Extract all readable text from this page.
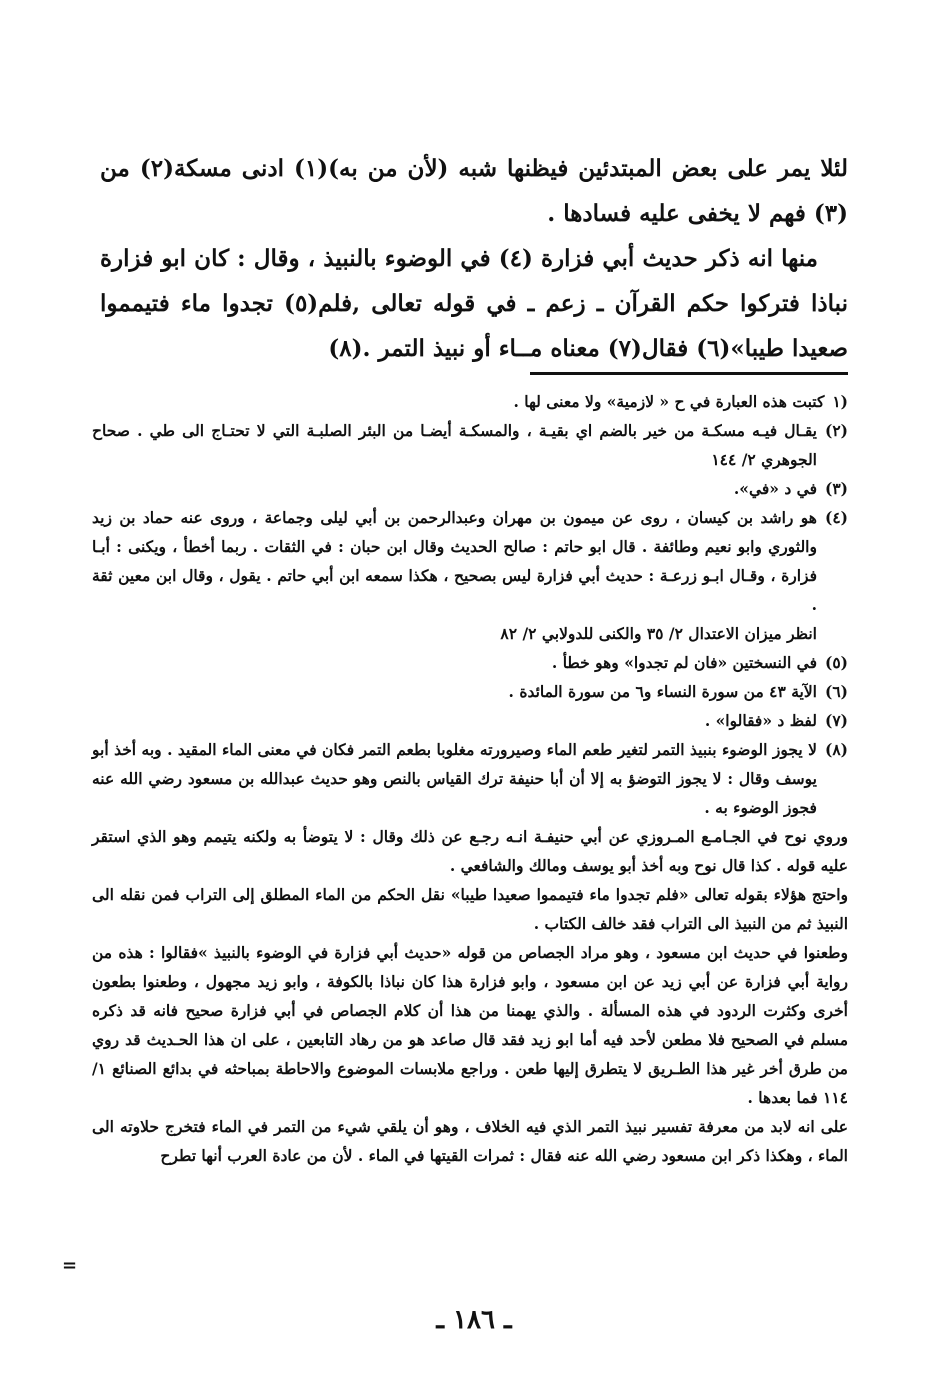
لئلا يمر على بعض المبتدئين فيظنها شبه (لأن من به)(١) ادنى مسكة(٢) من (٣) فهم لا يخفى عليه فسادها .

منها انه ذكر حديث أبي فزارة (٤) في الوضوء بالنبيذ ، وقال : كان ابو فزارة نباذا فتركوا حكم القرآن ـ زعم ـ في قوله تعالى ,فلم(٥) تجدوا ماء فتيمموا صعيدا طيبا»(٦) فقال(٧) معناه مــاء أو نبيذ التمر .(٨)

(١

كتبت هذه العبارة في ح « لازمية» ولا معنى لها .

(٢)

يقـال فيـه مسكـة من خير بالضم اي بقيـة ، والمسكـة أيضـا من البئر الصلبـة التي لا تحتـاج الى طي . صحاح الجوهري ٢/ ١٤٤

(٣)

في د «في».

(٤)

هو راشد بن كيسان ، روى عن ميمون بن مهران وعبدالرحمن بن أبي ليلى وجماعة ، وروى عنه حماد بن زيد والثوري وابو نعيم وطائفة . قال ابو حاتم : صالح الحديث وقال ابن حبان : في الثقات . ربما أخطأ ، ويكنى : أبـا فزارة ، وقـال ابـو زرعـة : حديث أبي فزارة ليس بصحيح ، هكذا سمعه ابن أبي حاتم . يقول ، وقال ابن معين ثقة .

انظر ميزان الاعتدال ٢/ ٣٥ والكنى للدولابي ٢/ ٨٢

(٥)

في النسختين «فان لم تجدوا» وهو خطأ .

(٦)

الآية ٤٣ من سورة النساء و٦ من سورة المائدة .

(٧)

لفظ د «فقالوا» .

(٨)

لا يجوز الوضوء بنبيذ التمر لتغير طعم الماء وصيرورته مغلوبا بطعم التمر فكان في معنى الماء المقيد . وبه أخذ أبو يوسف وقال : لا يجوز التوضؤ به إلا أن أبا حنيفة ترك القياس بالنص وهو حديث عبدالله بن مسعود رضي الله عنه فجوز الوضوء به .

وروي نوح في الجـامـع المـروزي عن أبي حنيفـة انـه رجـع عن ذلك وقال : لا يتوضأ به ولكنه يتيمم وهو الذي استقر عليه قوله . كذا قال نوح وبه أخذ أبو يوسف ومالك والشافعي .

واحتج هؤلاء بقوله تعالى «فلم تجدوا ماء فتيمموا صعيدا طيبا» نقل الحكم من الماء المطلق إلى التراب فمن نقله الى النبيذ ثم من النبيذ الى التراب فقد خالف الكتاب .

وطعنوا في حديث ابن مسعود ، وهو مراد الجصاص من قوله «حديث أبي فزارة في الوضوء بالنبيذ »فقالوا : هذه من رواية أبي فزارة عن أبي زيد عن ابن مسعود ، وابو فزارة هذا كان نباذا بالكوفة ، وابو زيد مجهول ، وطعنوا بطعون أخرى وكثرت الردود في هذه المسألة . والذي يهمنا من هذا أن كلام الجصاص في أبي فزارة صحيح فانه قد ذكره مسلم في الصحيح فلا مطعن لأحد فيه أما ابو زيد فقد قال صاعد هو من رهاد التابعين ، على ان هذا الحـديث قد روي من طرق أخر غير هذا الطـريق لا يتطرق إليها طعن . وراجع ملابسات الموضوع والاحاطة بمباحثه في بدائع الصنائع ١/ ١١٤ فما بعدها .

على انه لابد من معرفة تفسير نبيذ التمر الذي فيه الخلاف ، وهو أن يلقي شيء من التمر في الماء فتخرج حلاوته الى الماء ، وهكذا ذكر ابن مسعود رضي الله عنه فقال : ثمرات القيتها في الماء . لأن من عادة العرب أنها تطرح

=
ـ ١٨٦ ـ
